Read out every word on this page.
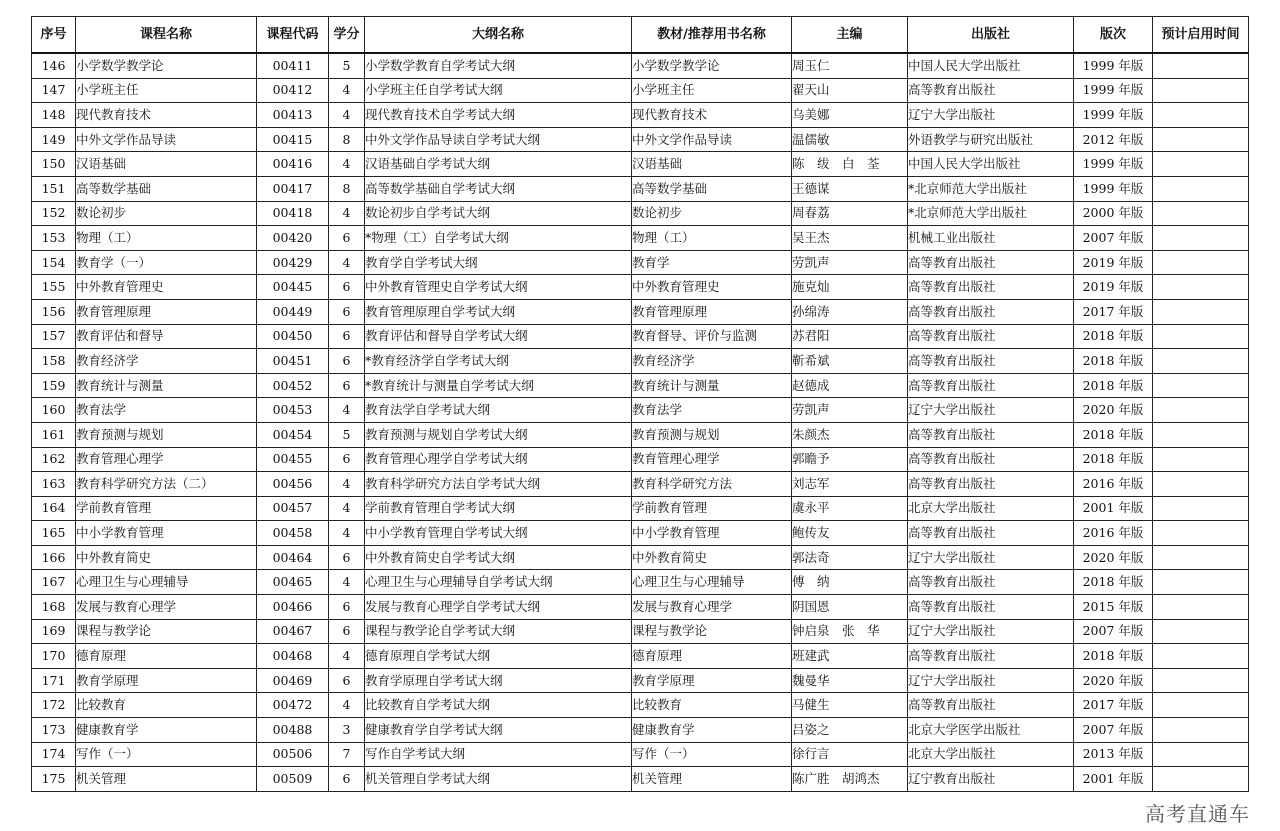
序号	课程名称	课程代码	学分	大纲名称	教材/推荐用书名称	主编	出版社	版次	预计启用时间
146	小学数学教学论	00411	5	小学数学教育自学考试大纲	小学数学教学论	周玉仁	中国人民大学出版社	1999 年版	
147	小学班主任	00412	4	小学班主任自学考试大纲	小学班主任	翟天山	高等教育出版社	1999 年版	
148	现代教育技术	00413	4	现代教育技术自学考试大纲	现代教育技术	乌美娜	辽宁大学出版社	1999 年版	
149	中外文学作品导读	00415	8	中外文学作品导读自学考试大纲	中外文学作品导读	温儒敏	外语教学与研究出版社	2012 年版	
150	汉语基础	00416	4	汉语基础自学考试大纲	汉语基础	陈　绂　白　荃	中国人民大学出版社	1999 年版	
151	高等数学基础	00417	8	高等数学基础自学考试大纲	高等数学基础	王德谋	*北京师范大学出版社	1999 年版	
152	数论初步	00418	4	数论初步自学考试大纲	数论初步	周春荔	*北京师范大学出版社	2000 年版	
153	物理（工）	00420	6	*物理（工）自学考试大纲	物理（工）	吴王杰	机械工业出版社	2007 年版	
154	教育学（一）	00429	4	教育学自学考试大纲	教育学	劳凯声	高等教育出版社	2019 年版	
155	中外教育管理史	00445	6	中外教育管理史自学考试大纲	中外教育管理史	施克灿	高等教育出版社	2019 年版	
156	教育管理原理	00449	6	教育管理原理自学考试大纲	教育管理原理	孙绵涛	高等教育出版社	2017 年版	
157	教育评估和督导	00450	6	教育评估和督导自学考试大纲	教育督导、评价与监测	苏君阳	高等教育出版社	2018 年版	
158	教育经济学	00451	6	*教育经济学自学考试大纲	教育经济学	靳希斌	高等教育出版社	2018 年版	
159	教育统计与测量	00452	6	*教育统计与测量自学考试大纲	教育统计与测量	赵德成	高等教育出版社	2018 年版	
160	教育法学	00453	4	教育法学自学考试大纲	教育法学	劳凯声	辽宁大学出版社	2020 年版	
161	教育预测与规划	00454	5	教育预测与规划自学考试大纲	教育预测与规划	朱颜杰	高等教育出版社	2018 年版	
162	教育管理心理学	00455	6	教育管理心理学自学考试大纲	教育管理心理学	郭瞻予	高等教育出版社	2018 年版	
163	教育科学研究方法（二）	00456	4	教育科学研究方法自学考试大纲	教育科学研究方法	刘志军	高等教育出版社	2016 年版	
164	学前教育管理	00457	4	学前教育管理自学考试大纲	学前教育管理	虞永平	北京大学出版社	2001 年版	
165	中小学教育管理	00458	4	中小学教育管理自学考试大纲	中小学教育管理	鲍传友	高等教育出版社	2016 年版	
166	中外教育简史	00464	6	中外教育简史自学考试大纲	中外教育简史	郭法奇	辽宁大学出版社	2020 年版	
167	心理卫生与心理辅导	00465	4	心理卫生与心理辅导自学考试大纲	心理卫生与心理辅导	傅　纳	高等教育出版社	2018 年版	
168	发展与教育心理学	00466	6	发展与教育心理学自学考试大纲	发展与教育心理学	阴国恩	高等教育出版社	2015 年版	
169	课程与教学论	00467	6	课程与教学论自学考试大纲	课程与教学论	钟启泉　张　华	辽宁大学出版社	2007 年版	
170	德育原理	00468	4	德育原理自学考试大纲	德育原理	班建武	高等教育出版社	2018 年版	
171	教育学原理	00469	6	教育学原理自学考试大纲	教育学原理	魏曼华	辽宁大学出版社	2020 年版	
172	比较教育	00472	4	比较教育自学考试大纲	比较教育	马健生	高等教育出版社	2017 年版	
173	健康教育学	00488	3	健康教育学自学考试大纲	健康教育学	吕姿之	北京大学医学出版社	2007 年版	
174	写作（一）	00506	7	写作自学考试大纲	写作（一）	徐行言	北京大学出版社	2013 年版	
175	机关管理	00509	6	机关管理自学考试大纲	机关管理	陈广胜　胡鸿杰	辽宁教育出版社	2001 年版	
高考直通车
